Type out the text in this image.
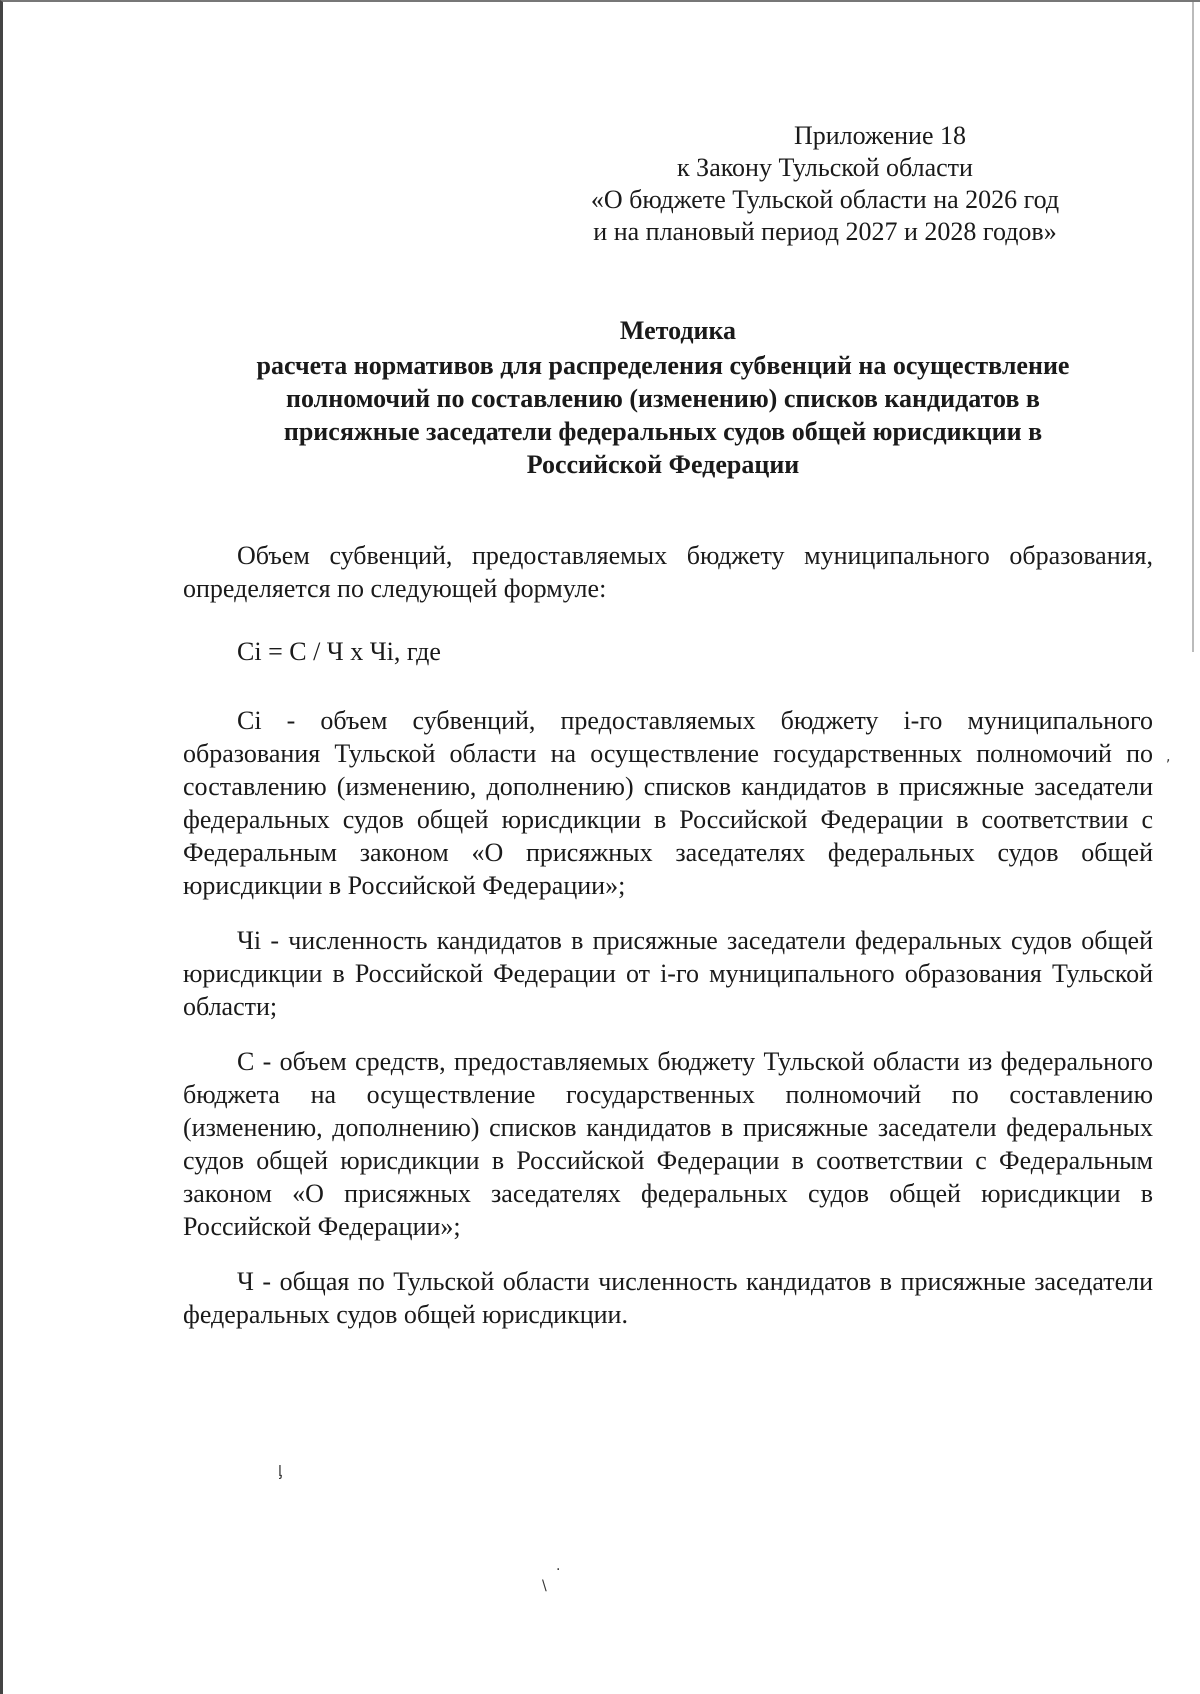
Приложение 18
к Закону Тульской области
«О бюджете Тульской области на 2026 год
и на плановый период 2027 и 2028 годов»
Методика
расчета нормативов для распределения субвенций на осуществление
полномочий по составлению (изменению) списков кандидатов в
присяжные заседатели федеральных судов общей юрисдикции в
Российской Федерации

Объем субвенций, предоставляемых бюджету муниципального образования, определяется по следующей формуле:

Ci = С / Ч х Чi, где

Ci - объем субвенций, предоставляемых бюджету i-го муниципального образования Тульской области на осуществление государственных полномочий по составлению (изменению, дополнению) списков кандидатов в присяжные заседатели федеральных судов общей юрисдикции в Российской Федерации в соответствии с Федеральным законом «О присяжных заседателях федеральных судов общей юрисдикции в Российской Федерации»;

Чi - численность кандидатов в присяжные заседатели федеральных судов общей юрисдикции в Российской Федерации от i-го муниципального образования Тульской области;

С - объем средств, предоставляемых бюджету Тульской области из федерального бюджета на осуществление государственных полномочий по составлению (изменению, дополнению) списков кандидатов в присяжные заседатели федеральных судов общей юрисдикции в Российской Федерации в соответствии с Федеральным законом «О присяжных заседателях федеральных судов общей юрисдикции в Российской Федерации»;

Ч - общая по Тульской области численность кандидатов в присяжные заседатели федеральных судов общей юрисдикции.

,
ᶅ
·
\
